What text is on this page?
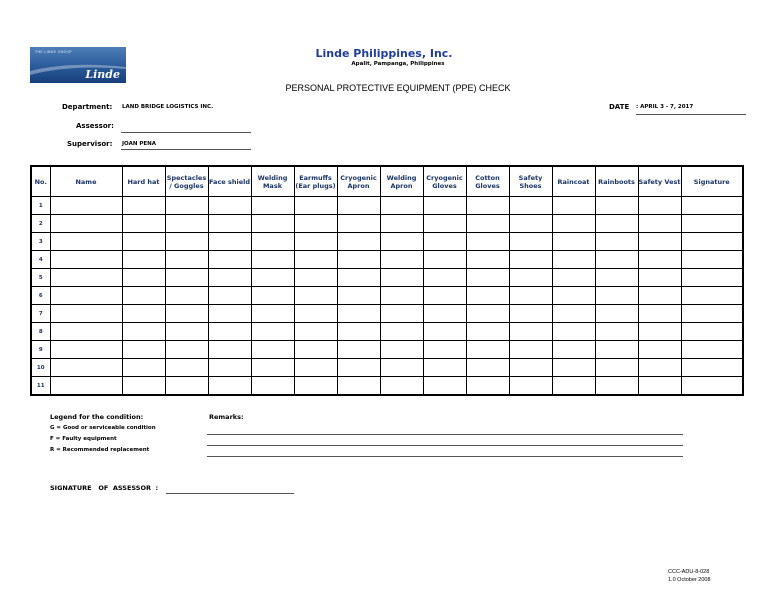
THE LINDE GROUP
Linde
Linde Philippines, Inc.
Apalit, Pampanga, Philippines
PERSONAL PROTECTIVE EQUIPMENT (PPE) CHECK
Department: LAND BRIDGE LOGISTICS INC.
Assessor:
Supervisor: JOAN PENA
DATE : APRIL 3 - 7, 2017
No.	Name	Hard hat	Spectacles / Goggles	Face shield	Welding Mask	Earmuffs (Ear plugs)	Cryogenic Apron	Welding Apron	Cryogenic Gloves	Cotton Gloves	Safety Shoes	Raincoat	Rainboots	Safety Vest	Signature
1															
2															
3															
4															
5															
6															
7															
8															
9															
10															
11															
Legend for the condition:
G = Good or serviceable condition
F = Faulty equipment
R = Recommended replacement
Remarks:
SIGNATURE   OF  ASSESSOR  :
CCC-ADU-8-028
1.0 October 2008
